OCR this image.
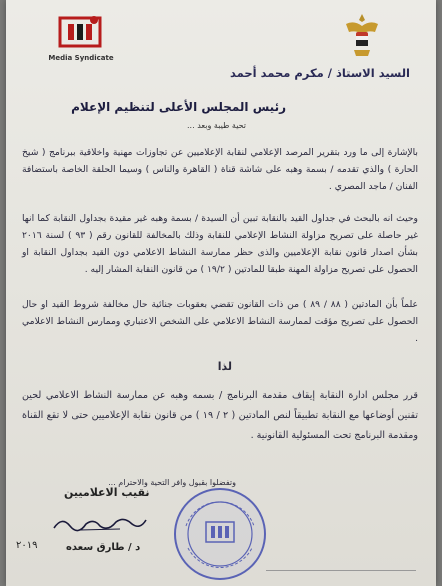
Media Syndicate
السيد الاستاذ / مكرم محمد أحمد
رئيس المجلس الأعلى لتنظيم الإعلام
تحية طيبة وبعد ...
بالإشارة إلى ما ورد بتقرير المرصد الإعلامي لنقابة الإعلاميين عن تجاوزات مهنية واخلاقية ببرنامج ( شيخ الحارة ) والذي تقدمه / بسمة وهبه على شاشة قناة ( القاهرة والناس ) وسيما الحلقة الخاصة باستضافة الفنان / ماجد المصري .
وحيث انه بالبحث في جداول القيد بالنقابة تبين أن السيدة / بسمة وهبه غير مقيدة بجداول النقابة كما انها غير حاصلة على تصريح مزاولة النشاط الإعلامي للنقابة وذلك بالمخالفة للقانون رقم ( ٩٣ ) لسنة ٢٠١٦ بشأن اصدار قانون نقابة الإعلاميين والذى حظر ممارسة النشاط الاعلامي دون القيد بجداول النقابة او الحصول على تصريح مزاولة المهنة طبقا للمادتين ( ١٩/٢ ) من قانون النقابة المشار إليه .
علماً بأن المادتين ( ٨٨ / ٨٩ ) من ذات القانون تقضي بعقوبات جنائية حال مخالفة شروط القيد او حال الحصول على تصريح مؤقت لممارسة النشاط الاعلامي على الشخص الاعتباري وممارس النشاط الاعلامي .
لذا
قرر مجلس ادارة النقابة إيقاف مقدمة البرنامج / بسمه وهبه عن ممارسة النشاط الاعلامي لحين تقنين أوضاعها مع النقابة تطبيقاً لنص المادتين ( ٢ / ١٩ ) من قانون نقابة الإعلاميين حتى لا تقع القناة ومقدمة البرنامج تحت المسئولية القانونية .
وتفضلوا بقبول وافر التحية والاحترام ...
نقيب الاعلاميين
د / طارق سعده
٢٠١٩
